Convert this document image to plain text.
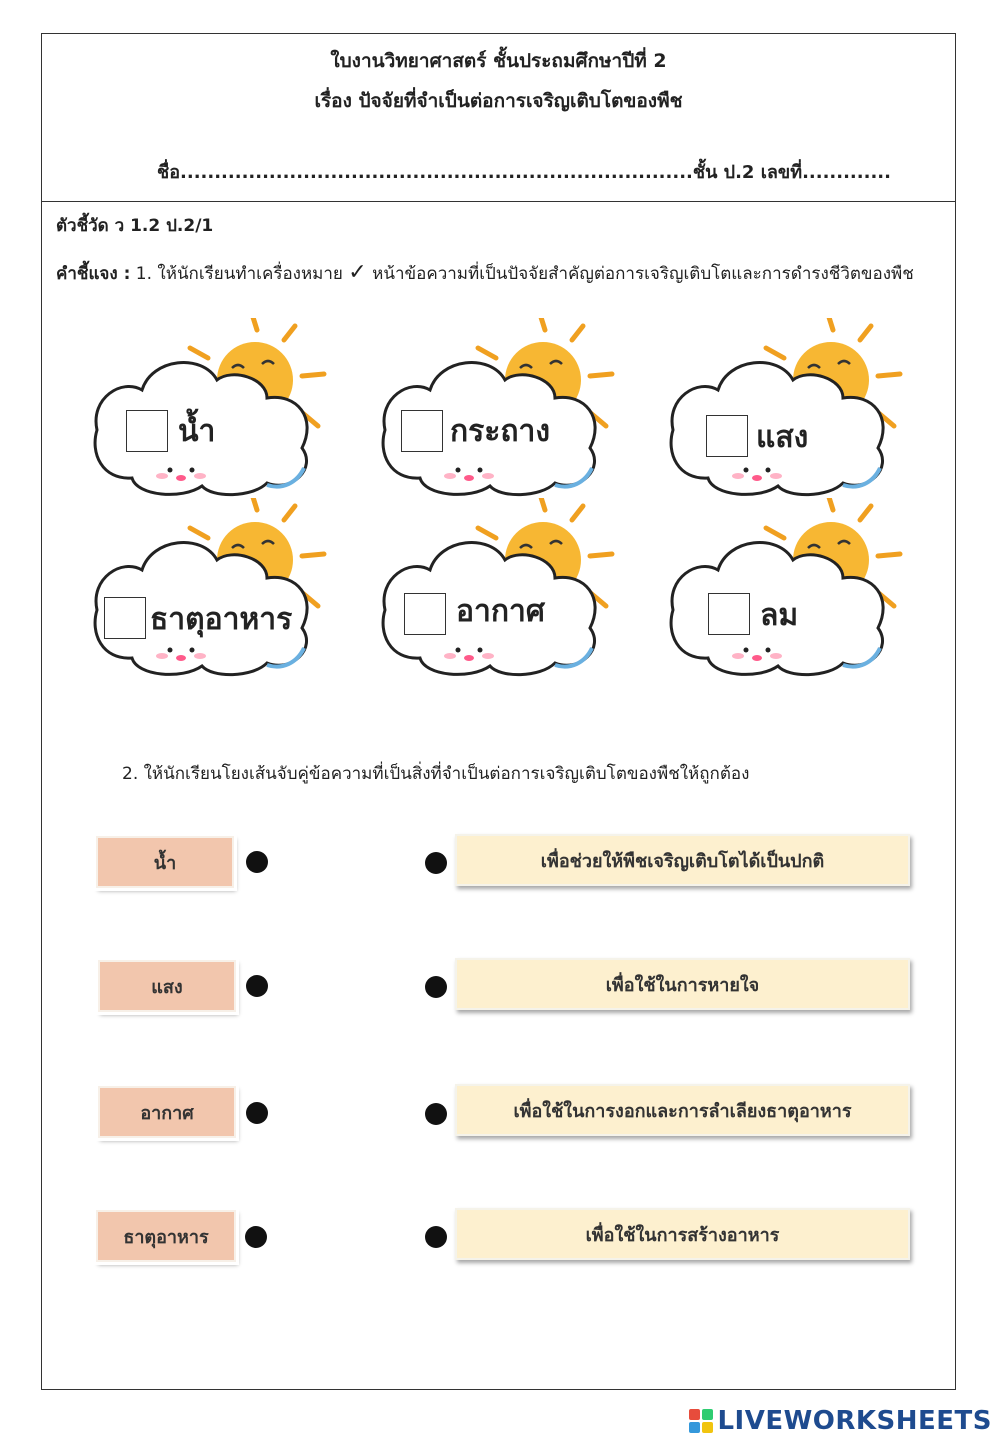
ใบงานวิทยาศาสตร์ ชั้นประถมศึกษาปีที่ 2
เรื่อง ปัจจัยที่จำเป็นต่อการเจริญเติบโตของพืช
ชื่อ...........................................................................ชั้น ป.2 เลขที่.............
ตัวชี้วัด ว 1.2 ป.2/1
คำชี้แจง : 1. ให้นักเรียนทำเครื่องหมาย ✓ หน้าข้อความที่เป็นปัจจัยสำคัญต่อการเจริญเติบโตและการดำรงชีวิตของพืช
2. ให้นักเรียนโยงเส้นจับคู่ข้อความที่เป็นสิ่งที่จำเป็นต่อการเจริญเติบโตของพืชให้ถูกต้อง
น้ำ	กระถาง	แสง
ธาตุอาหาร	อากาศ	ลม
น้ำ
แสง
อากาศ
ธาตุอาหาร
เพื่อช่วยให้พืชเจริญเติบโตได้เป็นปกติ
เพื่อใช้ในการหายใจ
เพื่อใช้ในการงอกและการลำเลียงธาตุอาหาร
เพื่อใช้ในการสร้างอาหาร
LIVEWORKSHEETS
